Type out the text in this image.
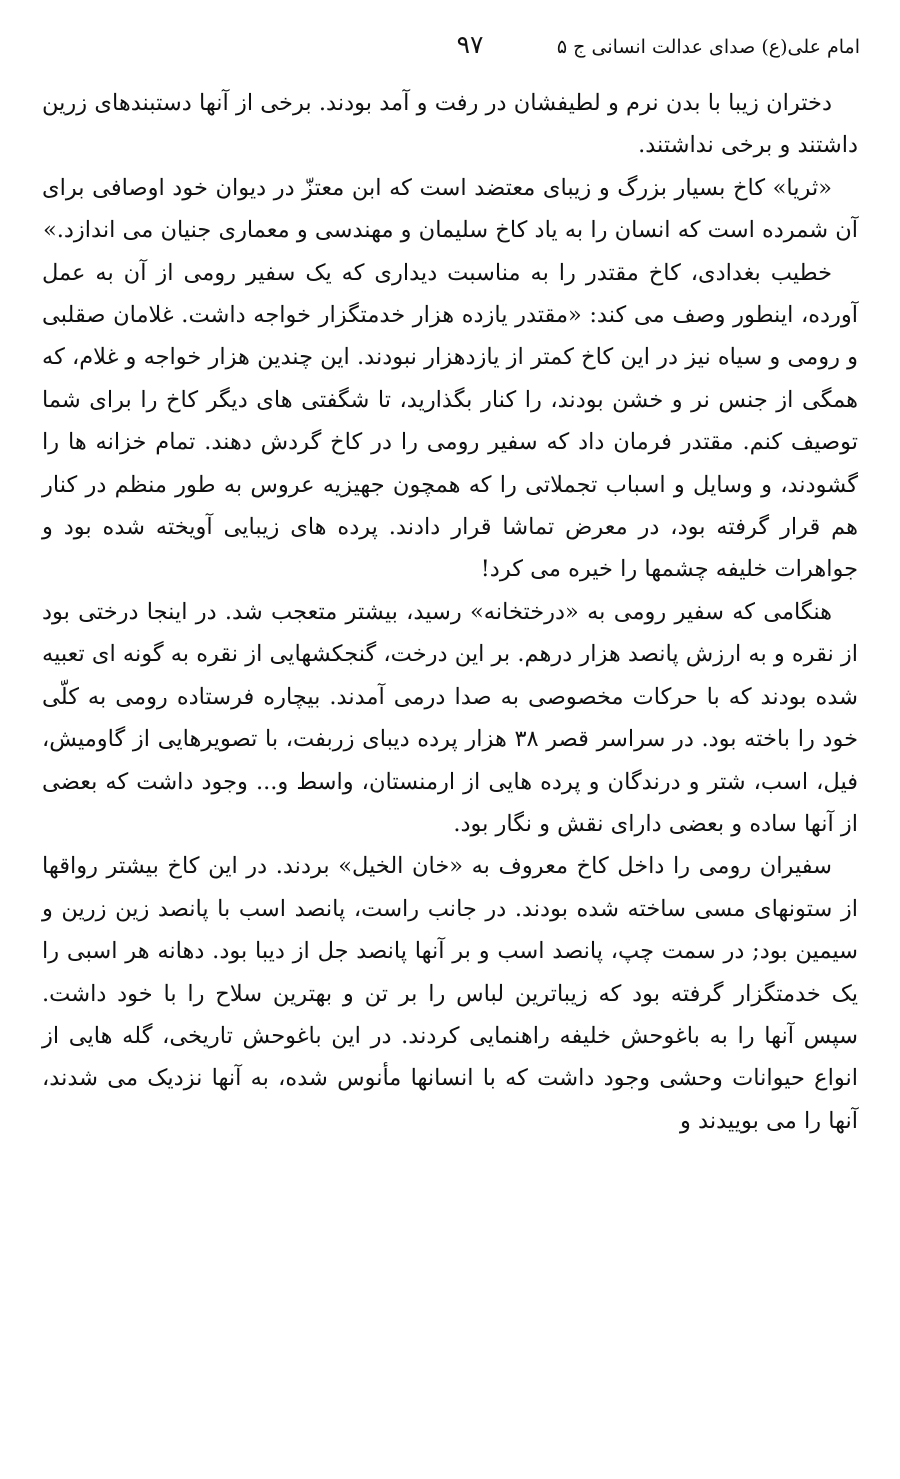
امام علی(ع) صدای عدالت انسانی ج ۵
۹۷

دختران زیبا با بدن نرم و لطیفشان در رفت و آمد بودند. برخی از آنها دستبندهای زرین داشتند و برخی نداشتند.

«ثریا» کاخ بسیار بزرگ و زیبای معتضد است که ابن معتزّ در دیوان خود اوصافی برای آن شمرده است که انسان را به یاد کاخ سلیمان و مهندسی و معماری جنیان می اندازد.»

خطیب بغدادی، کاخ مقتدر را به مناسبت دیداری که یک سفیر رومی از آن به عمل آورده، اینطور وصف می کند: «مقتدر یازده هزار خدمتگزار خواجه داشت. غلامان صقلبی و رومی و سیاه نیز در این کاخ کمتر از یازدهزار نبودند. این چندین هزار خواجه و غلام، که همگی از جنس نر و خشن بودند، را کنار بگذارید، تا شگفتی های دیگر کاخ را برای شما توصیف کنم. مقتدر فرمان داد که سفیر رومی را در کاخ گردش دهند. تمام خزانه ها را گشودند، و وسایل و اسباب تجملاتی را که همچون جهیزیه عروس به طور منظم در کنار هم قرار گرفته بود، در معرض تماشا قرار دادند. پرده های زیبایی آویخته شده بود و جواهرات خلیفه چشمها را خیره می کرد!

هنگامی که سفیر رومی به «درختخانه» رسید، بیشتر متعجب شد. در اینجا درختی بود از نقره و به ارزش پانصد هزار درهم. بر این درخت، گنجکشهایی از نقره به گونه ای تعبیه شده بودند که با حرکات مخصوصی به صدا درمی آمدند. بیچاره فرستاده رومی به کلّی خود را باخته بود. در سراسر قصر ۳۸ هزار پرده دیبای زربفت، با تصویرهایی از گاومیش، فیل، اسب، شتر و درندگان و پرده هایی از ارمنستان، واسط و... وجود داشت که بعضی از آنها ساده و بعضی دارای نقش و نگار بود.

سفیران رومی را داخل کاخ معروف به «خان الخیل» بردند. در این کاخ بیشتر رواقها از ستونهای مسی ساخته شده بودند. در جانب راست، پانصد اسب با پانصد زین زرین و سیمین بود; در سمت چپ، پانصد اسب و بر آنها پانصد جل از دیبا بود. دهانه هر اسبی را یک خدمتگزار گرفته بود که زیباترین لباس را بر تن و بهترین سلاح را با خود داشت. سپس آنها را به باغوحش خلیفه راهنمایی کردند. در این باغوحش تاریخی، گله هایی از انواع حیوانات وحشی وجود داشت که با انسانها مأنوس شده، به آنها نزدیک می شدند، آنها را می بوییدند و
